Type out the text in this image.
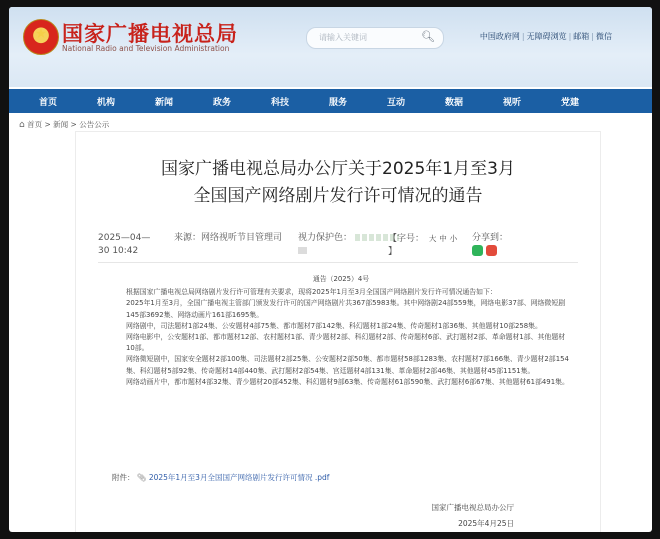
★
国家广播电视总局
National Radio and Television Administration
请输入关键词	🔍︎	中国政府网 | 无障碍浏览 | 邮箱 | 微信
首页	机构	新闻	政务	科技	服务	互动	数据	视听	党建
⌂ 首页 > 新闻 > 公告公示
国家广播电视总局办公厅关于2025年1月至3月
全国国产网络剧片发行许可情况的通告
2025—04—
30 10:42
来源：网络视听节目管理司 视力保护色：	【字号： 大 中 小
】
分享到：

通告（2025）4号

根据国家广播电视总局网络剧片发行许可管理有关要求，现将2025年1月至3月全国国产网络剧片发行许可情况通告如下：

2025年1月至3月，全国广播电视主管部门颁发发行许可的国产网络剧片共367部5983集。其中网络剧24部559集，网络电影37部、网络微短剧145部3692集、网络动画片161部1695集。

网络剧中，司法题材1部24集、公安题材4部75集、都市题材7部142集、科幻题材1部24集、传奇题材1部36集、其他题材10部258集。

网络电影中，公安题材1部、都市题材12部、农村题材1部、青少题材2部、科幻题材2部、传奇题材6部、武打题材2部、革命题材1部、其他题材10部。

网络微短剧中，国家安全题材2部100集、司法题材2部25集、公安题材2部50集、都市题材58部1283集、农村题材7部166集、青少题材2部154集、科幻题材5部92集、传奇题材14部440集、武打题材2部54集、宫廷题材4部131集、革命题材2部46集、其他题材45部1151集。

网络动画片中，都市题材4部32集、青少题材20部452集、科幻题材9部63集、传奇题材61部590集、武打题材6部67集、其他题材61部491集。

附件： 📎︎ 2025年1月至3月全国国产网络剧片发行许可情况 .pdf
国家广播电视总局办公厅
2025年4月25日
